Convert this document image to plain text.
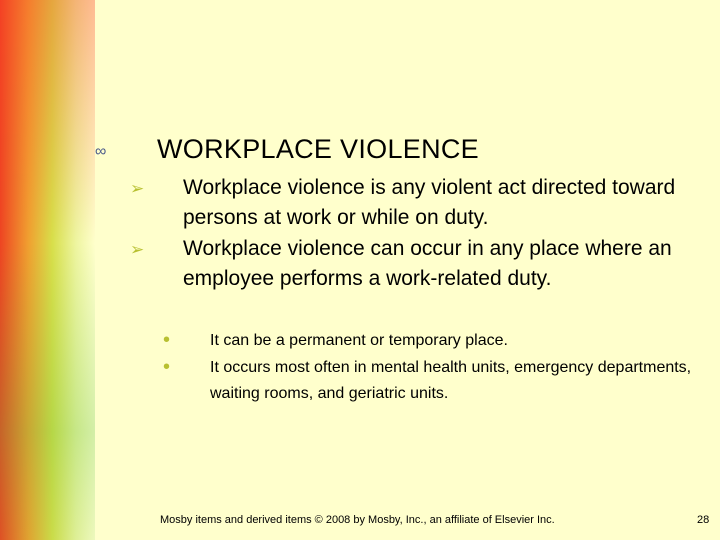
∞ WORKPLACE VIOLENCE
➢ Workplace violence is any violent act directed toward persons at work or while on duty.
➢ Workplace violence can occur in any place where an employee performs a work-related duty.
• It can be a permanent or temporary place.
• It occurs most often in mental health units, emergency departments, waiting rooms, and geriatric units.
Mosby items and derived items © 2008 by Mosby, Inc., an affiliate of Elsevier Inc.	28
